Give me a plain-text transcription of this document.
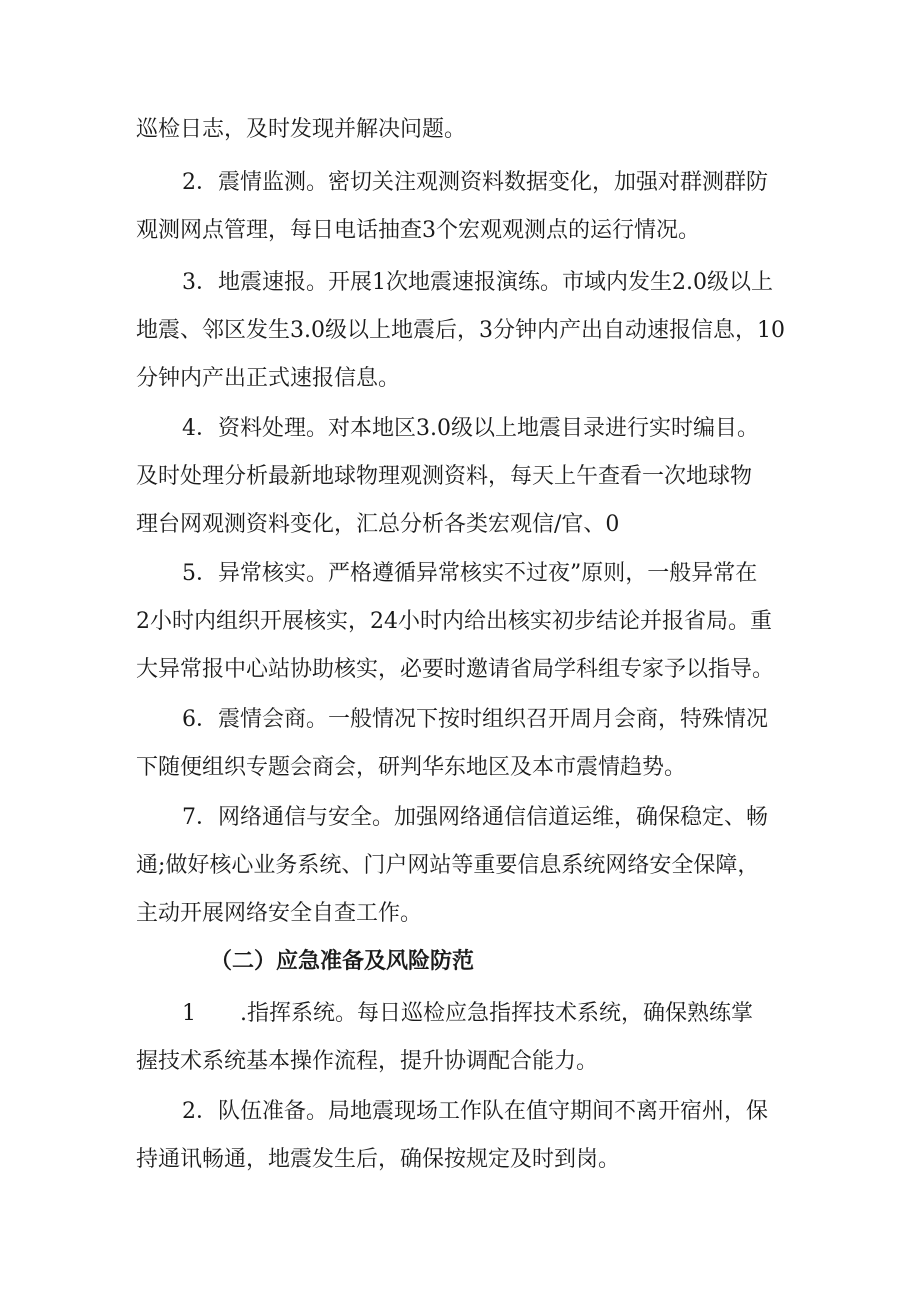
巡检日志，及时发现并解决问题。
2．震情监测。密切关注观测资料数据变化，加强对群测群防
观测网点管理，每日电话抽查3个宏观观测点的运行情况。
3．地震速报。开展1次地震速报演练。市域内发生2.0级以上
地震、邻区发生3.0级以上地震后，3分钟内产出自动速报信息，10
分钟内产出正式速报信息。
4．资料处理。对本地区3.0级以上地震目录进行实时编目。
及时处理分析最新地球物理观测资料，每天上午查看一次地球物
理台网观测资料变化，汇总分析各类宏观信/官、0
5．异常核实。严格遵循异常核实不过夜”原则，一般异常在
2小时内组织开展核实，24小时内给出核实初步结论并报省局。重
大异常报中心站协助核实，必要时邀请省局学科组专家予以指导。
6．震情会商。一般情况下按时组织召开周月会商，特殊情况
下随便组织专题会商会，研判华东地区及本市震情趋势。
7．网络通信与安全。加强网络通信信道运维，确保稳定、畅
通;做好核心业务系统、门户网站等重要信息系统网络安全保障，
主动开展网络安全自查工作。
（二）应急准备及风险防范
1　　.指挥系统。每日巡检应急指挥技术系统，确保熟练掌
握技术系统基本操作流程，提升协调配合能力。
2．队伍准备。局地震现场工作队在值守期间不离开宿州，保
持通讯畅通，地震发生后，确保按规定及时到岗。
